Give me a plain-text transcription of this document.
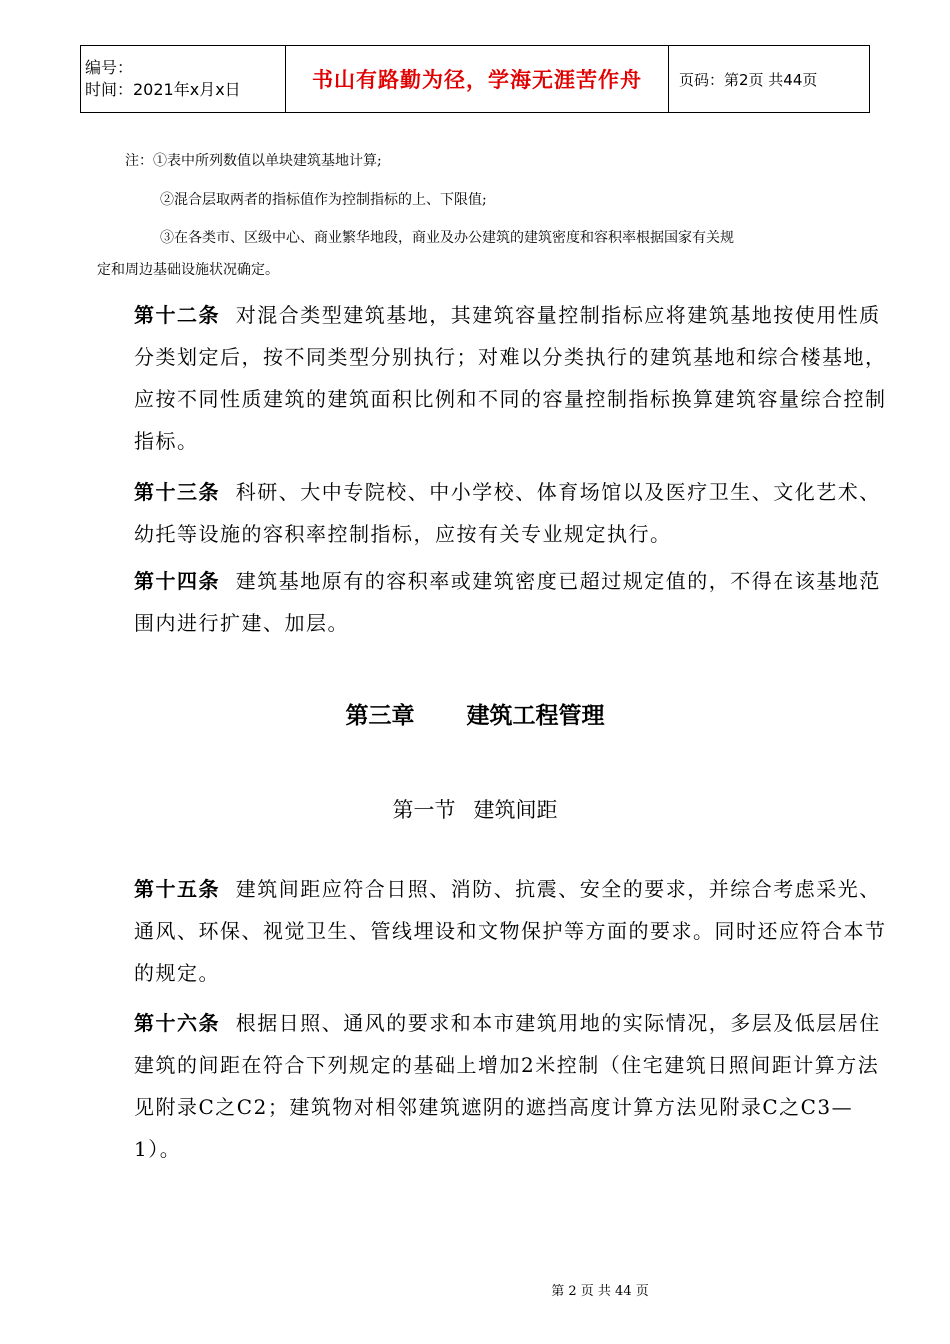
编号：
时间：2021年x月x日	书山有路勤为径，学海无涯苦作舟	页码：第2页 共44页
注：①表中所列数值以单块建筑基地计算;
②混合层取两者的指标值作为控制指标的上、下限值;
③在各类市、区级中心、商业繁华地段，商业及办公建筑的建筑密度和容积率根据国家有关规
定和周边基础设施状况确定。
第十二条 对混合类型建筑基地，其建筑容量控制指标应将建筑基地按使用性质分类划定后，按不同类型分别执行；对难以分类执行的建筑基地和综合楼基地，应按不同性质建筑的建筑面积比例和不同的容量控制指标换算建筑容量综合控制指标。
第十三条 科研、大中专院校、中小学校、体育场馆以及医疗卫生、文化艺术、幼托等设施的容积率控制指标，应按有关专业规定执行。
第十四条 建筑基地原有的容积率或建筑密度已超过规定值的，不得在该基地范围内进行扩建、加层。
第三章 建筑工程管理
第一节 建筑间距
第十五条 建筑间距应符合日照、消防、抗震、安全的要求，并综合考虑采光、通风、环保、视觉卫生、管线埋设和文物保护等方面的要求。同时还应符合本节的规定。
第十六条 根据日照、通风的要求和本市建筑用地的实际情况，多层及低层居住建筑的间距在符合下列规定的基础上增加2米控制（住宅建筑日照间距计算方法见附录C之C2；建筑物对相邻建筑遮阴的遮挡高度计算方法见附录C之C3—1）。
第 2 页 共 44 页
